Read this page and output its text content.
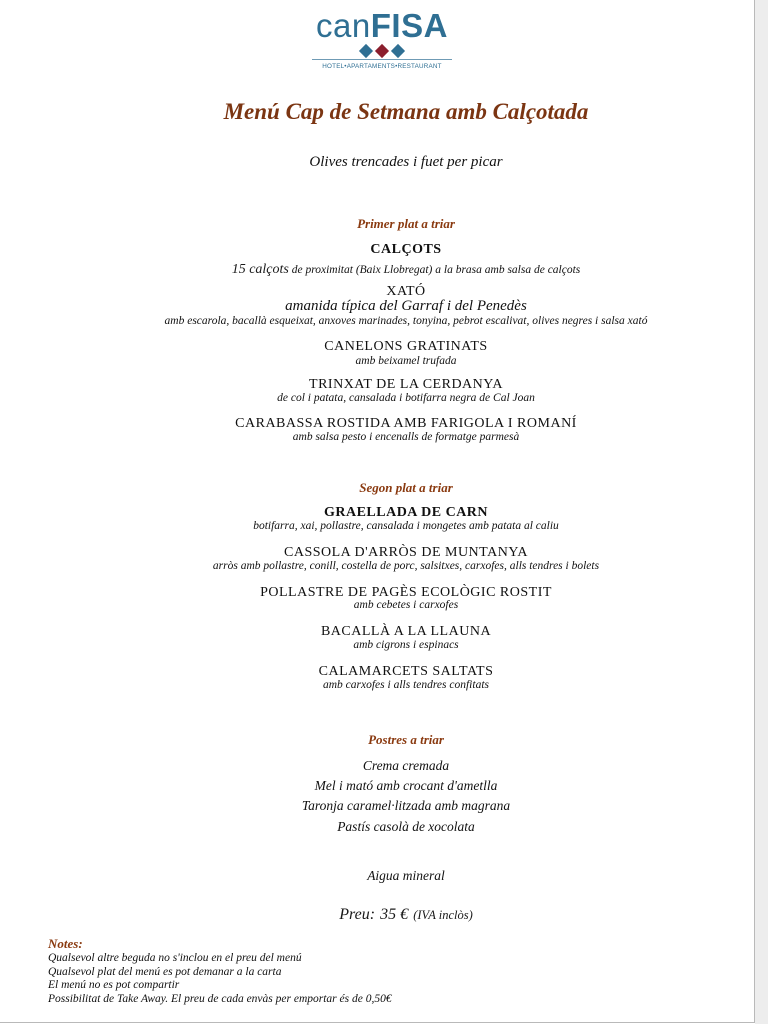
canFISA
HOTEL•APARTAMENTS•RESTAURANT
Menú Cap de Setmana amb Calçotada
Olives trencades i fuet per picar
Primer plat a triar
CALÇOTS
15 calçots de proximitat (Baix Llobregat) a la brasa amb salsa de calçots
XATÓ
amanida típica del Garraf i del Penedès
amb escarola, bacallà esqueixat, anxoves marinades, tonyina, pebrot escalivat, olives negres i salsa xató
CANELONS GRATINATS
amb beixamel trufada
TRINXAT DE LA CERDANYA
de col i patata, cansalada i botifarra negra de Cal Joan
CARABASSA ROSTIDA AMB FARIGOLA I ROMANÍ
amb salsa pesto i encenalls de formatge parmesà
Segon plat a triar
GRAELLADA DE CARN
botifarra, xai, pollastre, cansalada i mongetes amb patata al caliu
CASSOLA D'ARRÒS DE MUNTANYA
arròs amb pollastre, conill, costella de porc, salsitxes, carxofes, alls tendres i bolets
POLLASTRE DE PAGÈS ECOLÒGIC ROSTIT
amb cebetes i carxofes
BACALLÀ A LA LLAUNA
amb cigrons i espinacs
CALAMARCETS SALTATS
amb carxofes i alls tendres confitats
Postres a triar
Crema cremada
Mel i mató amb crocant d'ametlla
Taronja caramel·litzada amb magrana
Pastís casolà de xocolata
Aigua mineral
Preu: 35 € (IVA inclòs)
Notes:
Qualsevol altre beguda no s'inclou en el preu del menú
Qualsevol plat del menú es pot demanar a la carta
El menú no es pot compartir
Possibilitat de Take Away. El preu de cada envàs per emportar és de 0,50€
